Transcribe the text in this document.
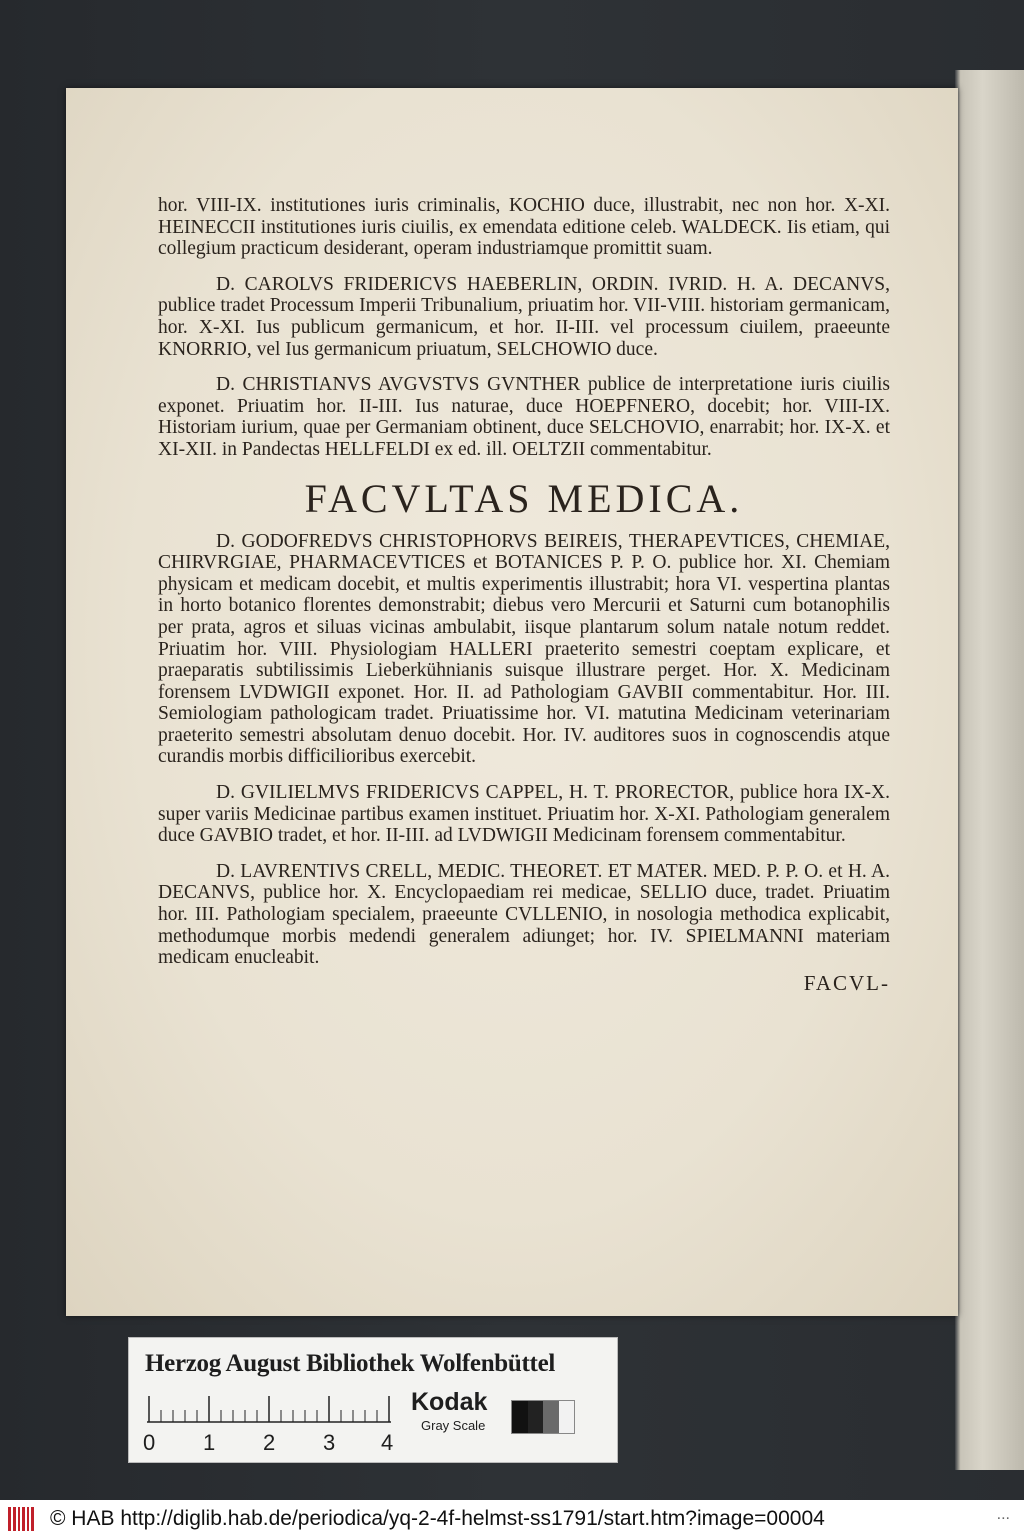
hor. VIII-IX. institutiones iuris criminalis, KOCHIO duce, illustrabit, nec non hor. X-XI. HEINECCII institutiones iuris ciuilis, ex emendata editione celeb. WALDECK. Iis etiam, qui collegium practicum desiderant, operam industriamque promittit suam.

D. CAROLVS FRIDERICVS HAEBERLIN, ORDIN. IVRID. H. A. DECANVS, publice tradet Processum Imperii Tribunalium, priuatim hor. VII-VIII. historiam germanicam, hor. X-XI. Ius publicum germanicum, et hor. II-III. vel processum ciuilem, praeeunte KNORRIO, vel Ius germanicum priuatum, SELCHOWIO duce.

D. CHRISTIANVS AVGVSTVS GVNTHER publice de interpretatione iuris ciuilis exponet. Priuatim hor. II-III. Ius naturae, duce HOEPFNERO, docebit; hor. VIII-IX. Historiam iurium, quae per Germaniam obtinent, duce SELCHOVIO, enarrabit; hor. IX-X. et XI-XII. in Pandectas HELLFELDI ex ed. ill. OELTZII commentabitur.

FACVLTAS MEDICA.

D. GODOFREDVS CHRISTOPHORVS BEIREIS, THERAPEVTICES, CHEMIAE, CHIRVRGIAE, PHARMACEVTICES et BOTANICES P. P. O. publice hor. XI. Chemiam physicam et medicam docebit, et multis experimentis illustrabit; hora VI. vespertina plantas in horto botanico florentes demonstrabit; diebus vero Mercurii et Saturni cum botanophilis per prata, agros et siluas vicinas ambulabit, iisque plantarum solum natale notum reddet. Priuatim hor. VIII. Physiologiam HALLERI praeterito semestri coeptam explicare, et praeparatis subtilissimis Lieberkühnianis suisque illustrare perget. Hor. X. Medicinam forensem LVDWIGII exponet. Hor. II. ad Pathologiam GAVBII commentabitur. Hor. III. Semiologiam pathologicam tradet. Priuatissime hor. VI. matutina Medicinam veterinariam praeterito semestri absolutam denuo docebit. Hor. IV. auditores suos in cognoscendis atque curandis morbis difficilioribus exercebit.

D. GVILIELMVS FRIDERICVS CAPPEL, H. T. PRORECTOR, publice hora IX-X. super variis Medicinae partibus examen instituet. Priuatim hor. X-XI. Pathologiam generalem duce GAVBIO tradet, et hor. II-III. ad LVDWIGII Medicinam forensem commentabitur.

D. LAVRENTIVS CRELL, MEDIC. THEORET. ET MATER. MED. P. P. O. et H. A. DECANVS, publice hor. X. Encyclopaediam rei medicae, SELLIO duce, tradet. Priuatim hor. III. Pathologiam specialem, praeeunte CVLLENIO, in nosologia methodica explicabit, methodumque morbis medendi generalem adiunget; hor. IV. SPIELMANNI materiam medicam enucleabit.

FACVL-
Herzog August Bibliothek Wolfenbüttel
0 1 2 3 4
Kodak
Gray Scale
© HAB http://diglib.hab.de/periodica/yq-2-4f-helmst-ss1791/start.htm?image=00004	...
